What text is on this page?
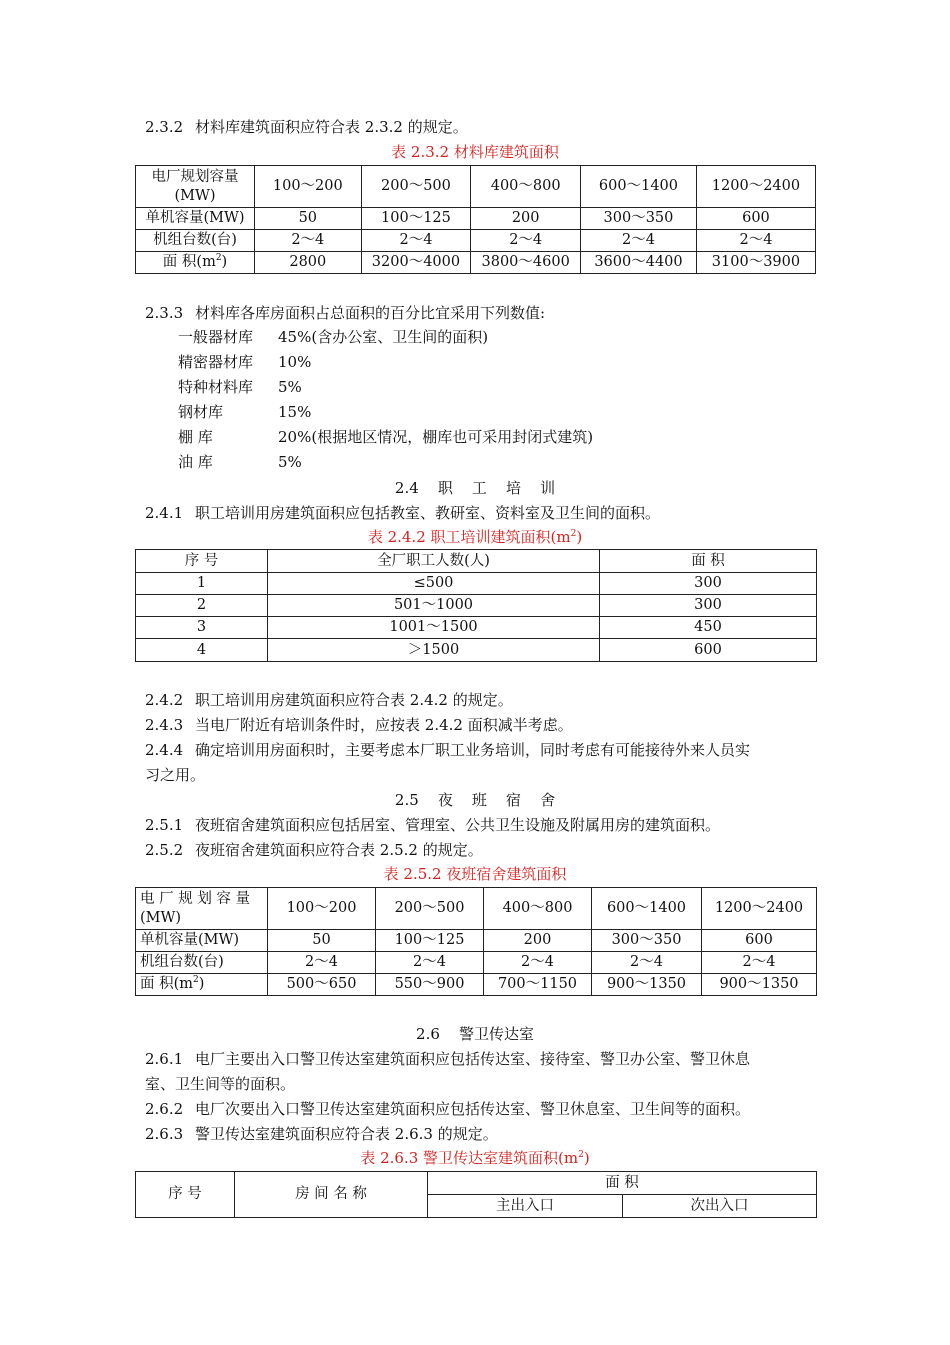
2.3.2 材料库建筑面积应符合表 2.3.2 的规定。
表 2.3.2 材料库建筑面积
电厂规划容量(MW)	100～200	200～500	400～800	600～1400	1200～2400
单机容量(MW)	50	100～125	200	300～350	600
机组台数(台)	2～4	2～4	2～4	2～4	2～4
面 积$(m^2)$	2800	3200～4000	3800～4600	3600～4400	3100～3900
2.3.3 材料库各库房面积占总面积的百分比宜采用下列数值:
一般器材库 45%(含办公室、卫生间的面积)
精密器材库 10%
特种材料库 5%
钢材库	15%
棚 库	20%(根据地区情况，棚库也可采用封闭式建筑)
油 库	5%
2.4    职    工    培    训
2.4.1 职工培训用房建筑面积应包括教室、教研室、资料室及卫生间的面积。
表 2.4.2 职工培训建筑面积$(m^2)$
序 号	全厂职工人数(人)	面 积
1	≤500	300
2	501～1000	300
3	1001～1500	450
4	＞1500	600
2.4.2 职工培训用房建筑面积应符合表 2.4.2 的规定。
2.4.3 当电厂附近有培训条件时，应按表 2.4.2 面积减半考虑。
2.4.4 确定培训用房面积时，主要考虑本厂职工业务培训，同时考虑有可能接待外来人员实
习之用。
2.5    夜    班    宿    舍
2.5.1 夜班宿舍建筑面积应包括居室、管理室、公共卫生设施及附属用房的建筑面积。
2.5.2 夜班宿舍建筑面积应符合表 2.5.2 的规定。
表 2.5.2 夜班宿舍建筑面积
电 厂 规 划 容 量(MW)	100～200	200～500	400～800	600～1400	1200～2400
单机容量(MW)	50	100～125	200	300～350	600
机组台数(台)	2～4	2～4	2～4	2～4	2～4
面 积$(m^2)$	500～650	550～900	700～1150	900～1350	900～1350
2.6    警卫传达室
2.6.1 电厂主要出入口警卫传达室建筑面积应包括传达室、接待室、警卫办公室、警卫休息
室、卫生间等的面积。
2.6.2 电厂次要出入口警卫传达室建筑面积应包括传达室、警卫休息室、卫生间等的面积。
2.6.3 警卫传达室建筑面积应符合表 2.6.3 的规定。
表 2.6.3 警卫传达室建筑面积$(m^2)$
序 号	房 间 名 称	面 积	
		主出入口	次出入口
